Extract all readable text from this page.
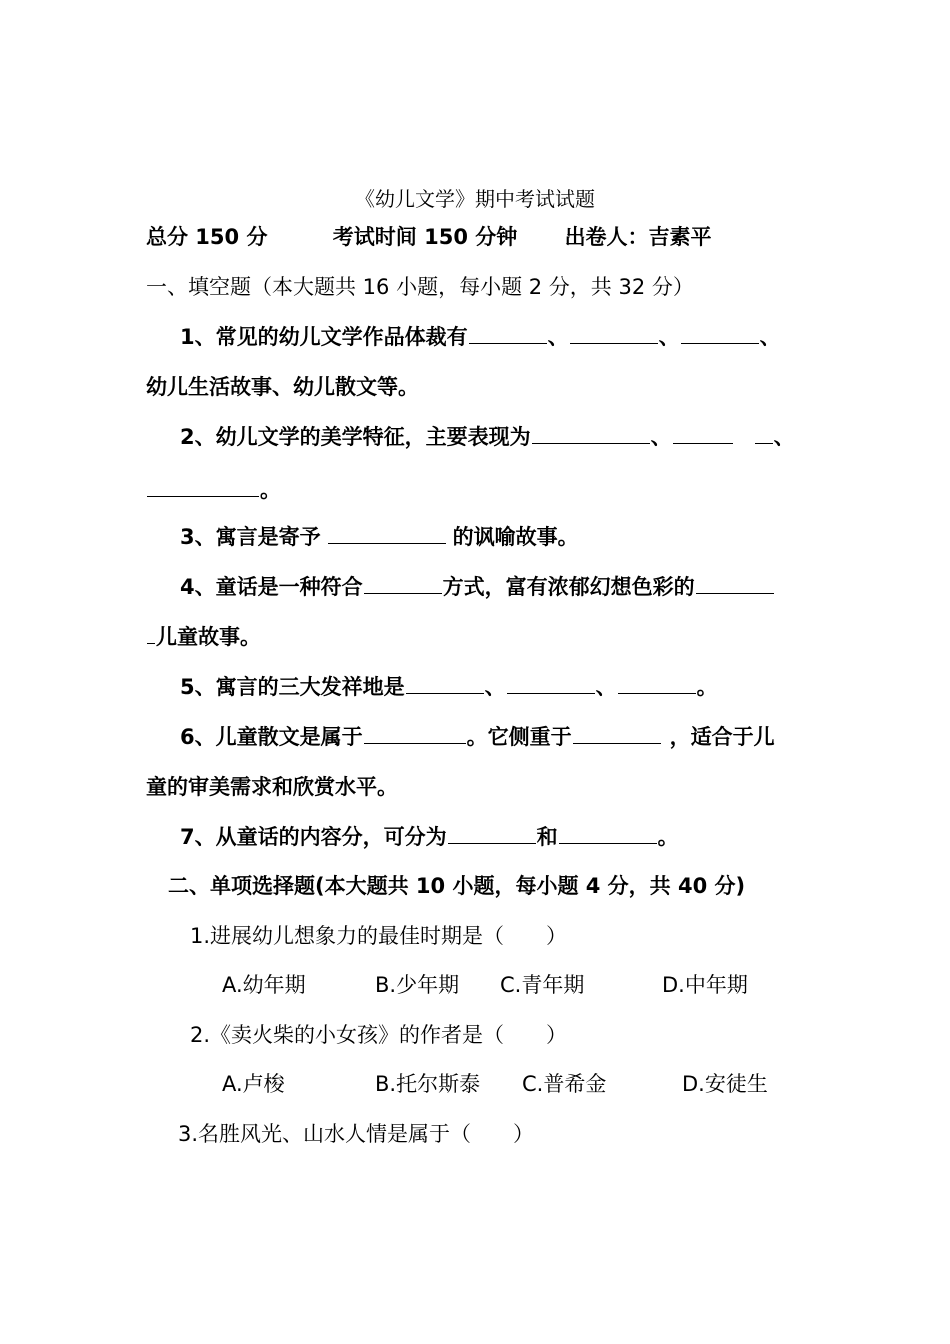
《幼儿文学》期中考试试题
总分 150 分	考试时间 150 分钟 出卷人：吉素平
一、填空题（本大题共 16 小题，每小题 2 分，共 32 分）
1、常见的幼儿文学作品体裁有	、	、	、
幼儿生活故事、幼儿散文等。
2、幼儿文学的美学特征，主要表现为	、	、
。
3、寓言是寄予	的讽喻故事。
4、童话是一种符合	方式，富有浓郁幻想色彩的
儿童故事。
5、寓言的三大发祥地是	、	、	。
6、儿童散文是属于	。它侧重于	，适合于儿
童的审美需求和欣赏水平。
7、从童话的内容分，可分为	和	。
二、单项选择题(本大题共 10 小题，每小题 4 分，共 40 分)
1.进展幼儿想象力的最佳时期是（　　）
A.幼年期	B.少年期 C.青年期	D.中年期
2.《卖火柴的小女孩》的作者是（　　）
A.卢梭	B.托尔斯泰 C.普希金	D.安徒生
3.名胜风光、山水人情是属于（　　）
